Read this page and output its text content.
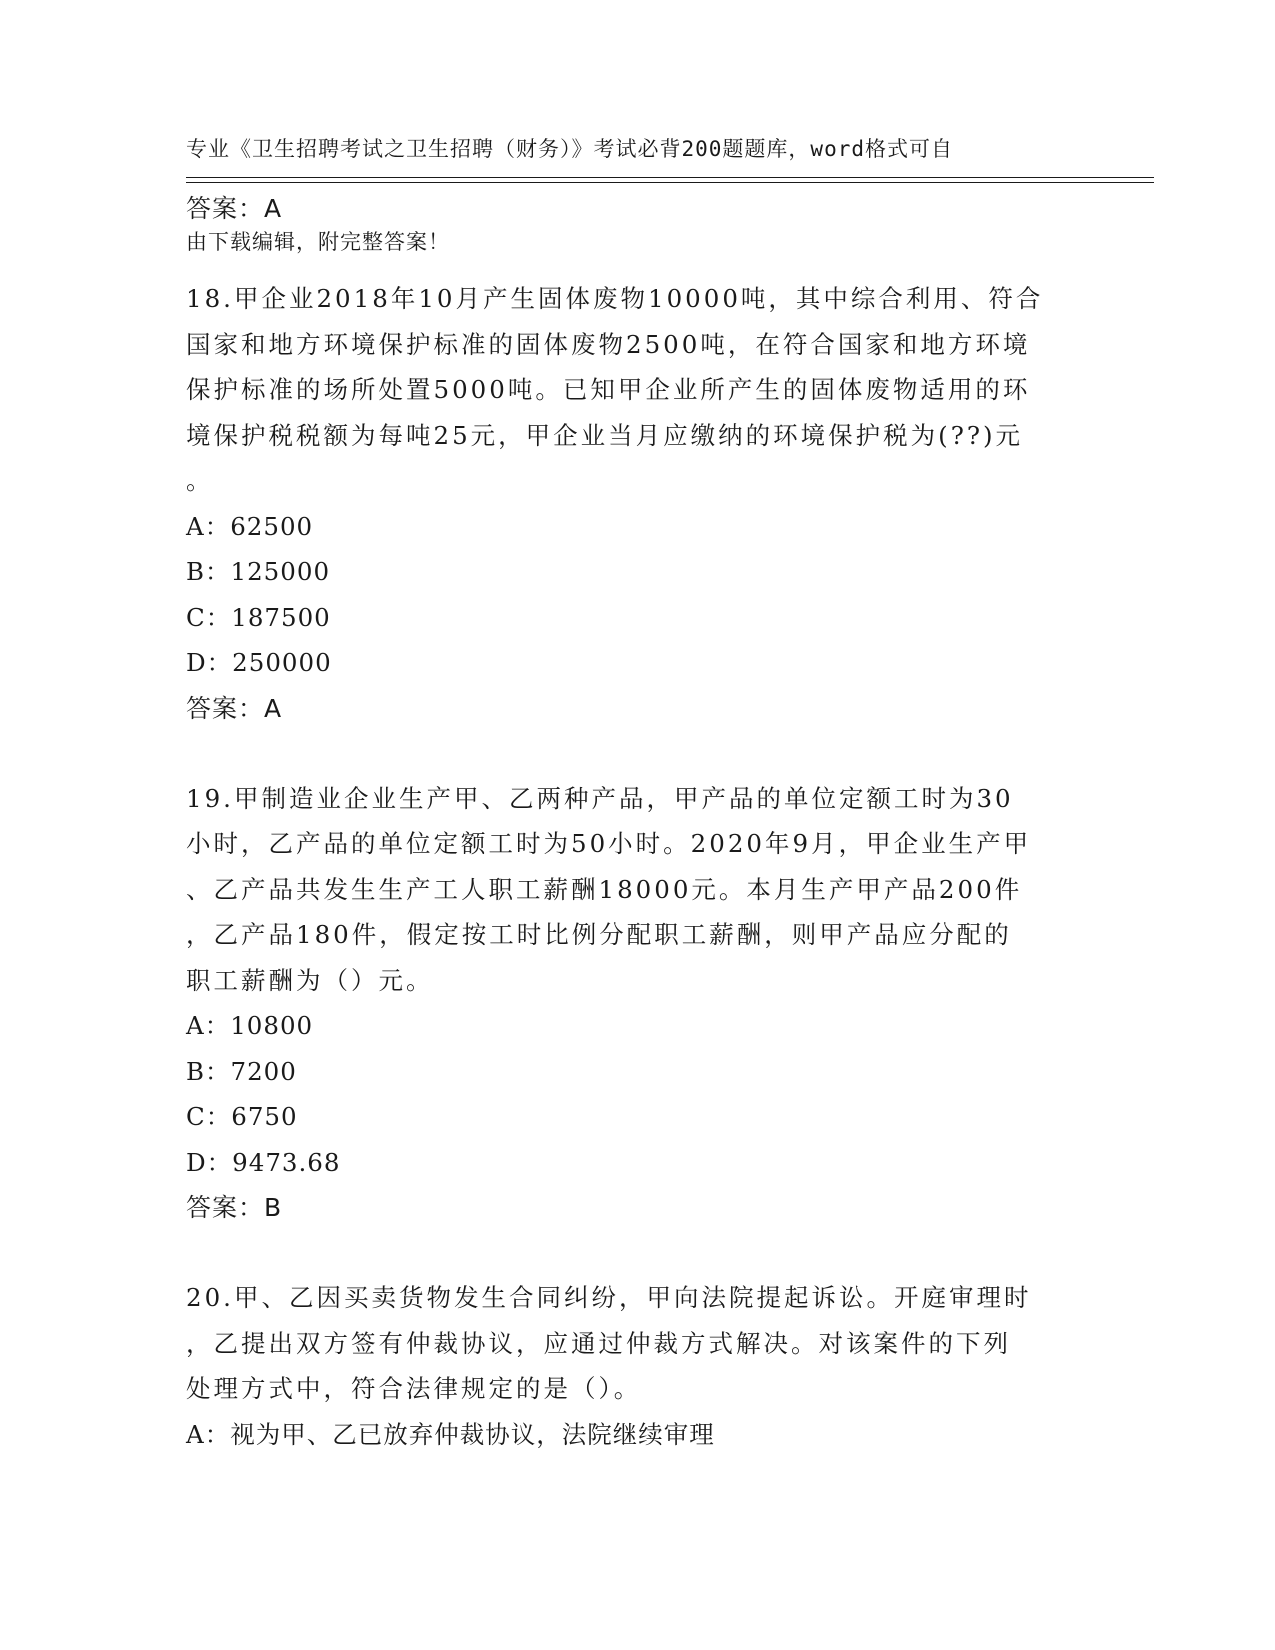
专业《卫生招聘考试之卫生招聘（财务）》考试必背200题题库，word格式可自

由下载编辑，附完整答案！

答案：A
18.甲企业2018年10月产生固体废物10000吨，其中综合利用、符合
国家和地方环境保护标准的固体废物2500吨，在符合国家和地方环境
保护标准的场所处置5000吨。已知甲企业所产生的固体废物适用的环
境保护税税额为每吨25元，甲企业当月应缴纳的环境保护税为(??)元
。
A：62500
B：125000
C：187500
D：250000
答案：A
19.甲制造业企业生产甲、乙两种产品，甲产品的单位定额工时为30
小时，乙产品的单位定额工时为50小时。2020年9月，甲企业生产甲
、乙产品共发生生产工人职工薪酬18000元。本月生产甲产品200件
，乙产品180件，假定按工时比例分配职工薪酬，则甲产品应分配的
职工薪酬为（）元。
A：10800
B：7200
C：6750
D：9473.68
答案：B
20.甲、乙因买卖货物发生合同纠纷，甲向法院提起诉讼。开庭审理时
，乙提出双方签有仲裁协议，应通过仲裁方式解决。对该案件的下列
处理方式中，符合法律规定的是（）。
A：视为甲、乙已放弃仲裁协议，法院继续审理
